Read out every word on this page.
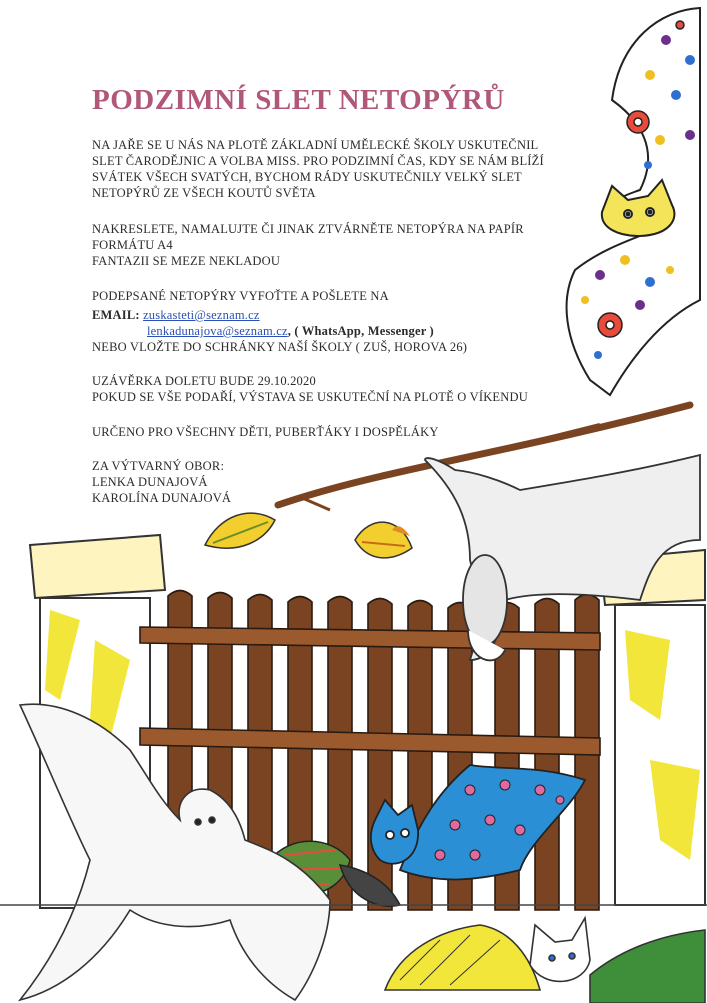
PODZIMNÍ SLET NETOPÝRŮ
NA JAŘE SE U NÁS NA PLOTĚ ZÁKLADNÍ UMĚLECKÉ ŠKOLY USKUTEČNIL
SLET ČARODĚJNIC A VOLBA MISS. PRO PODZIMNÍ ČAS, KDY SE NÁM BLÍŽÍ
SVÁTEK VŠECH SVATÝCH, BYCHOM RÁDY USKUTEČNILY VELKÝ SLET
NETOPÝRŮ ZE VŠECH KOUTŮ SVĚTA
NAKRESLETE, NAMALUJTE ČI JINAK ZTVÁRNĚTE NETOPÝRA NA PAPÍR
FORMÁTU A4
FANTAZII SE MEZE NEKLADOU
PODEPSANÉ NETOPÝRY VYFOŤTE A POŠLETE NA
EMAIL: zuskasteti@seznam.cz
lenkadunajova@seznam.cz, ( WhatsApp, Messenger )
NEBO VLOŽTE DO SCHRÁNKY NAŠÍ ŠKOLY ( ZUŠ, HOROVA 26)
UZÁVĚRKA DOLETU BUDE 29.10.2020
POKUD SE VŠE PODAŘÍ, VÝSTAVA SE USKUTEČNÍ NA PLOTĚ O VÍKENDU
URČENO PRO VŠECHNY DĚTI, PUBERŤÁKY I DOSPĚLÁKY
ZA VÝTVARNÝ OBOR:
LENKA DUNAJOVÁ
KAROLÍNA DUNAJOVÁ
